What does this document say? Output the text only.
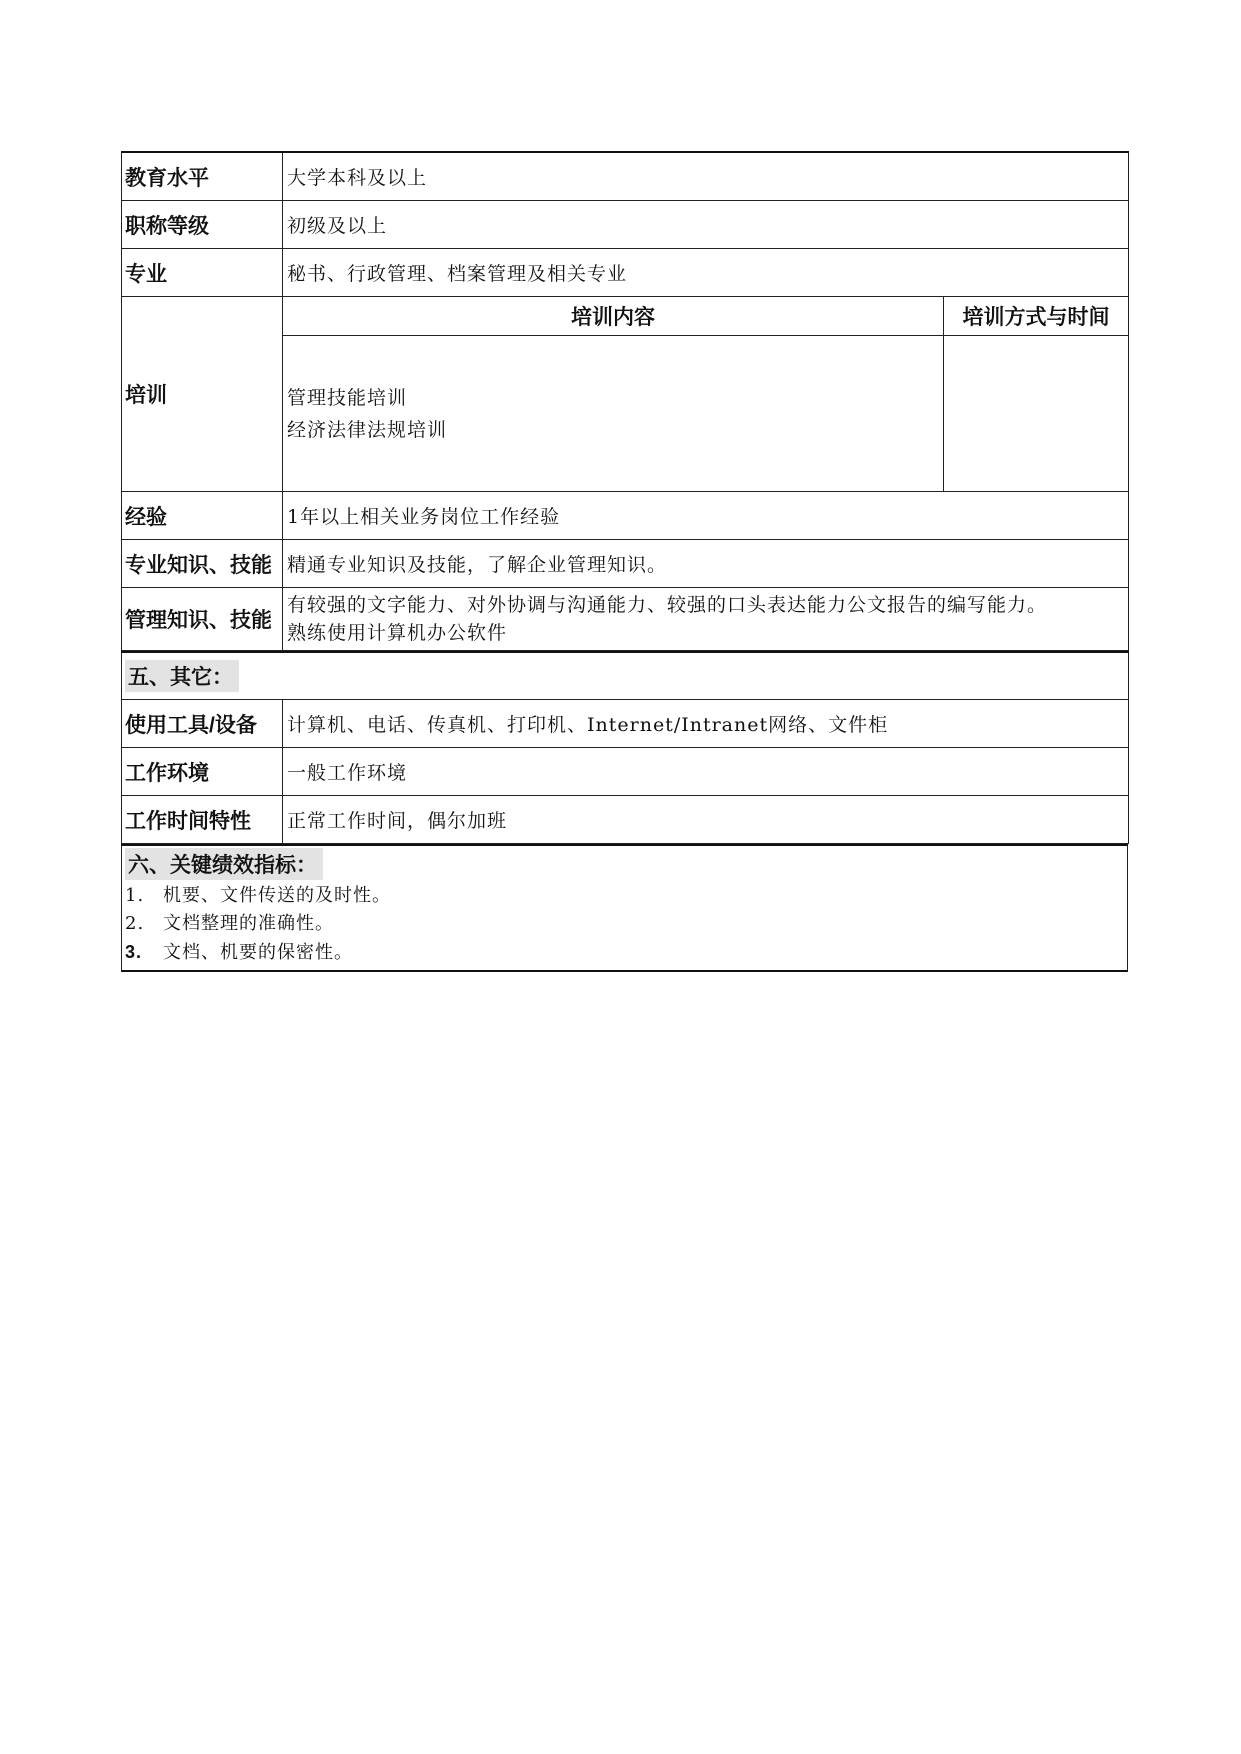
教育水平	大学本科及以上	
职称等级	初级及以上	
专业	秘书、行政管理、档案管理及相关专业	
培训	培训内容	培训方式与时间

	管理技能培训
经济法律法规培训	

经验	1年以上相关业务岗位工作经验	
专业知识、技能	精通专业知识及技能，了解企业管理知识。	
管理知识、技能	有较强的文字能力、对外协调与沟通能力、较强的口头表达能力公文报告的编写能力。
熟练使用计算机办公软件	
五、其它：	
使用工具/设备	计算机、电话、传真机、打印机、Internet/Intranet网络、文件柜
工作环境	一般工作环境
工作时间特性	正常工作时间，偶尔加班
六、关键绩效指标：
1. 机要、文件传送的及时性。
2. 文档整理的准确性。
3. 文档、机要的保密性。
